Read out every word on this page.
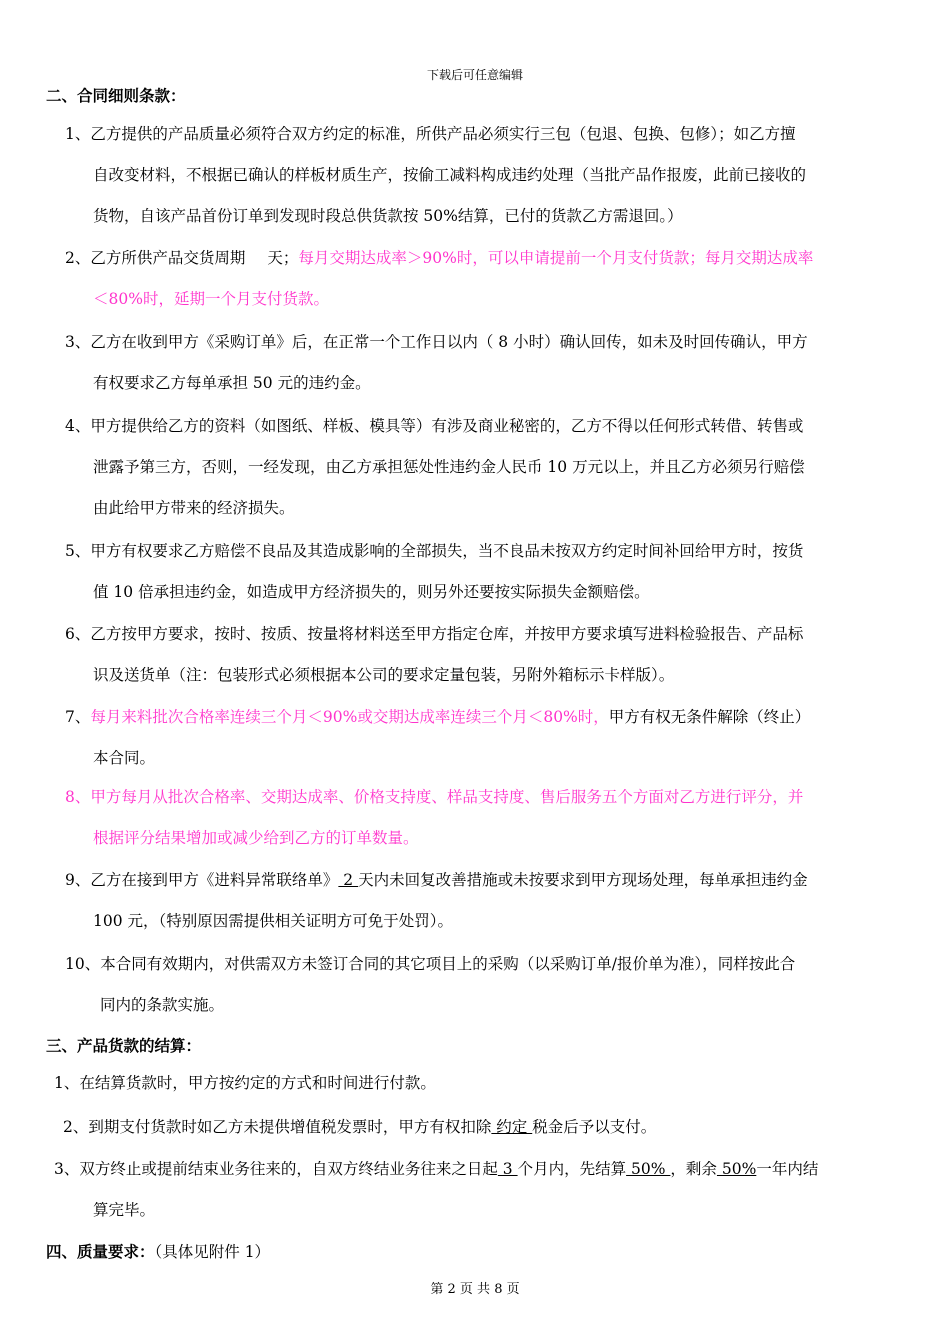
下载后可任意编辑
二、合同细则条款：
1、乙方提供的产品质量必须符合双方约定的标准，所供产品必须实行三包（包退、包换、包修）；如乙方擅
自改变材料，不根据已确认的样板材质生产，按偷工减料构成违约处理（当批产品作报废，此前已接收的
货物，自该产品首份订单到发现时段总供货款按 50%结算，已付的货款乙方需退回。）
2、乙方所供产品交货周期 天；每月交期达成率＞90%时，可以申请提前一个月支付货款；每月交期达成率
＜80%时，延期一个月支付货款。
3、乙方在收到甲方《采购订单》后，在正常一个工作日以内（ 8 小时）确认回传，如未及时回传确认，甲方
有权要求乙方每单承担 50 元的违约金。
4、甲方提供给乙方的资料（如图纸、样板、模具等）有涉及商业秘密的，乙方不得以任何形式转借、转售或
泄露予第三方，否则，一经发现，由乙方承担惩处性违约金人民币 10 万元以上，并且乙方必须另行赔偿
由此给甲方带来的经济损失。
5、甲方有权要求乙方赔偿不良品及其造成影响的全部损失，当不良品未按双方约定时间补回给甲方时，按货
值 10 倍承担违约金，如造成甲方经济损失的，则另外还要按实际损失金额赔偿。
6、乙方按甲方要求，按时、按质、按量将材料送至甲方指定仓库，并按甲方要求填写进料检验报告、产品标
识及送货单（注：包装形式必须根据本公司的要求定量包装，另附外箱标示卡样版）。
7、每月来料批次合格率连续三个月＜90%或交期达成率连续三个月＜80%时，甲方有权无条件解除（终止）
本合同。
8、甲方每月从批次合格率、交期达成率、价格支持度、样品支持度、售后服务五个方面对乙方进行评分，并
根据评分结果增加或减少给到乙方的订单数量。
9、乙方在接到甲方《进料异常联络单》 2 天内未回复改善措施或未按要求到甲方现场处理，每单承担违约金
100 元，（特别原因需提供相关证明方可免于处罚）。
10、本合同有效期内，对供需双方未签订合同的其它项目上的采购（以采购订单/报价单为准），同样按此合
同内的条款实施。
三、产品货款的结算：
1、在结算货款时，甲方按约定的方式和时间进行付款。
2、到期支付货款时如乙方未提供增值税发票时，甲方有权扣除 约定 税金后予以支付。
3、双方终止或提前结束业务往来的，自双方终结业务往来之日起 3 个月内，先结算 50% ，剩余 50%一年内结
算完毕。
四、质量要求：（具体见附件 1）
第 2 页 共 8 页
